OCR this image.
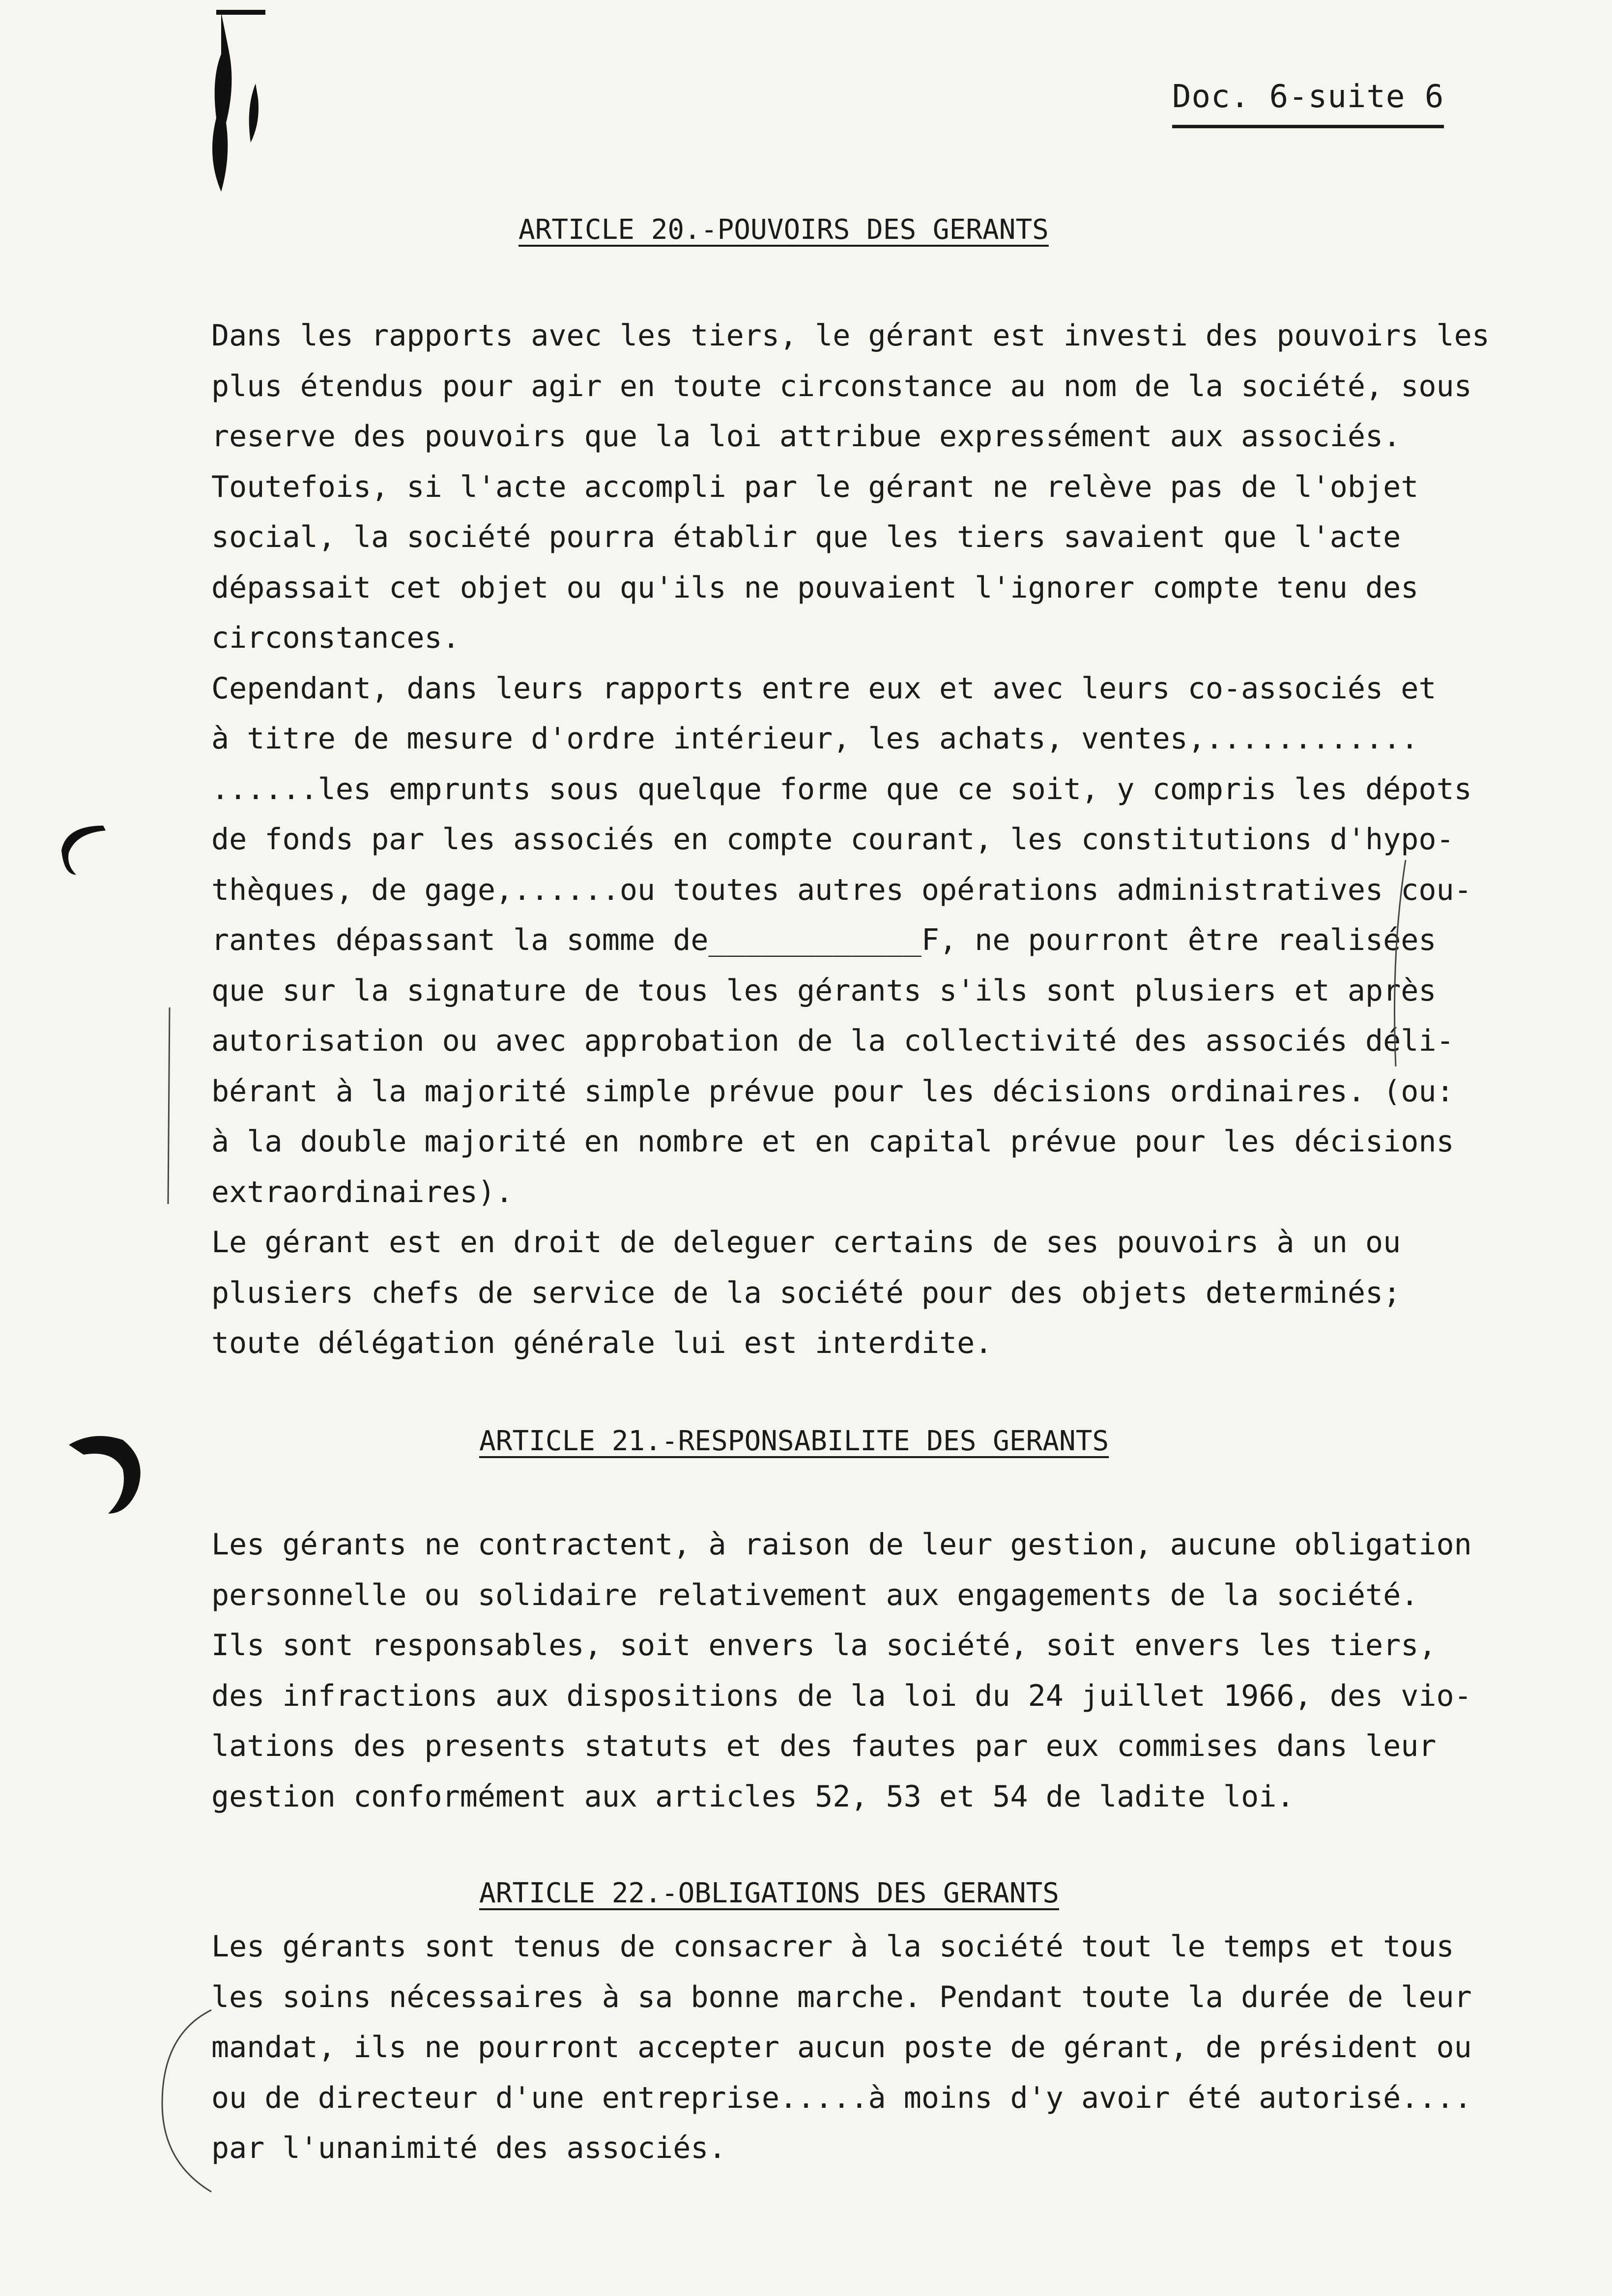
Doc. 6-suite 6
ARTICLE 20.-POUVOIRS DES GERANTS

Dans les rapports avec les tiers, le gérant est investi des pouvoirs les
plus étendus pour agir en toute circonstance au nom de la société, sous
reserve des pouvoirs que la loi attribue expressément aux associés.
Toutefois, si l'acte accompli par le gérant ne relève pas de l'objet
social, la société pourra établir que les tiers savaient que l'acte
dépassait cet objet ou qu'ils ne pouvaient l'ignorer compte tenu des
circonstances.
Cependant, dans leurs rapports entre eux et avec leurs co-associés et
à titre de mesure d'ordre intérieur, les achats, ventes,............
......les emprunts sous quelque forme que ce soit, y compris les dépots
de fonds par les associés en compte courant, les constitutions d'hypo-
thèques, de gage,......ou toutes autres opérations administratives cou-
rantes dépassant la somme de____________F, ne pourront être realisées
que sur la signature de tous les gérants s'ils sont plusiers et après
autorisation ou avec approbation de la collectivité des associés déli-
bérant à la majorité simple prévue pour les décisions ordinaires. (ou:
à la double majorité en nombre et en capital prévue pour les décisions
extraordinaires).
Le gérant est en droit de deleguer certains de ses pouvoirs à un ou
plusiers chefs de service de la société pour des objets determinés;
toute délégation générale lui est interdite.

ARTICLE 21.-RESPONSABILITE DES GERANTS

Les gérants ne contractent, à raison de leur gestion, aucune obligation
personnelle ou solidaire relativement aux engagements de la société.
Ils sont responsables, soit envers la société, soit envers les tiers,
des infractions aux dispositions de la loi du 24 juillet 1966, des vio-
lations des presents statuts et des fautes par eux commises dans leur
gestion conformément aux articles 52, 53 et 54 de ladite loi.

ARTICLE 22.-OBLIGATIONS DES GERANTS

Les gérants sont tenus de consacrer à la société tout le temps et tous
les soins nécessaires à sa bonne marche. Pendant toute la durée de leur
mandat, ils ne pourront accepter aucun poste de gérant, de président ou
ou de directeur d'une entreprise.....à moins d'y avoir été autorisé....
par l'unanimité des associés.
